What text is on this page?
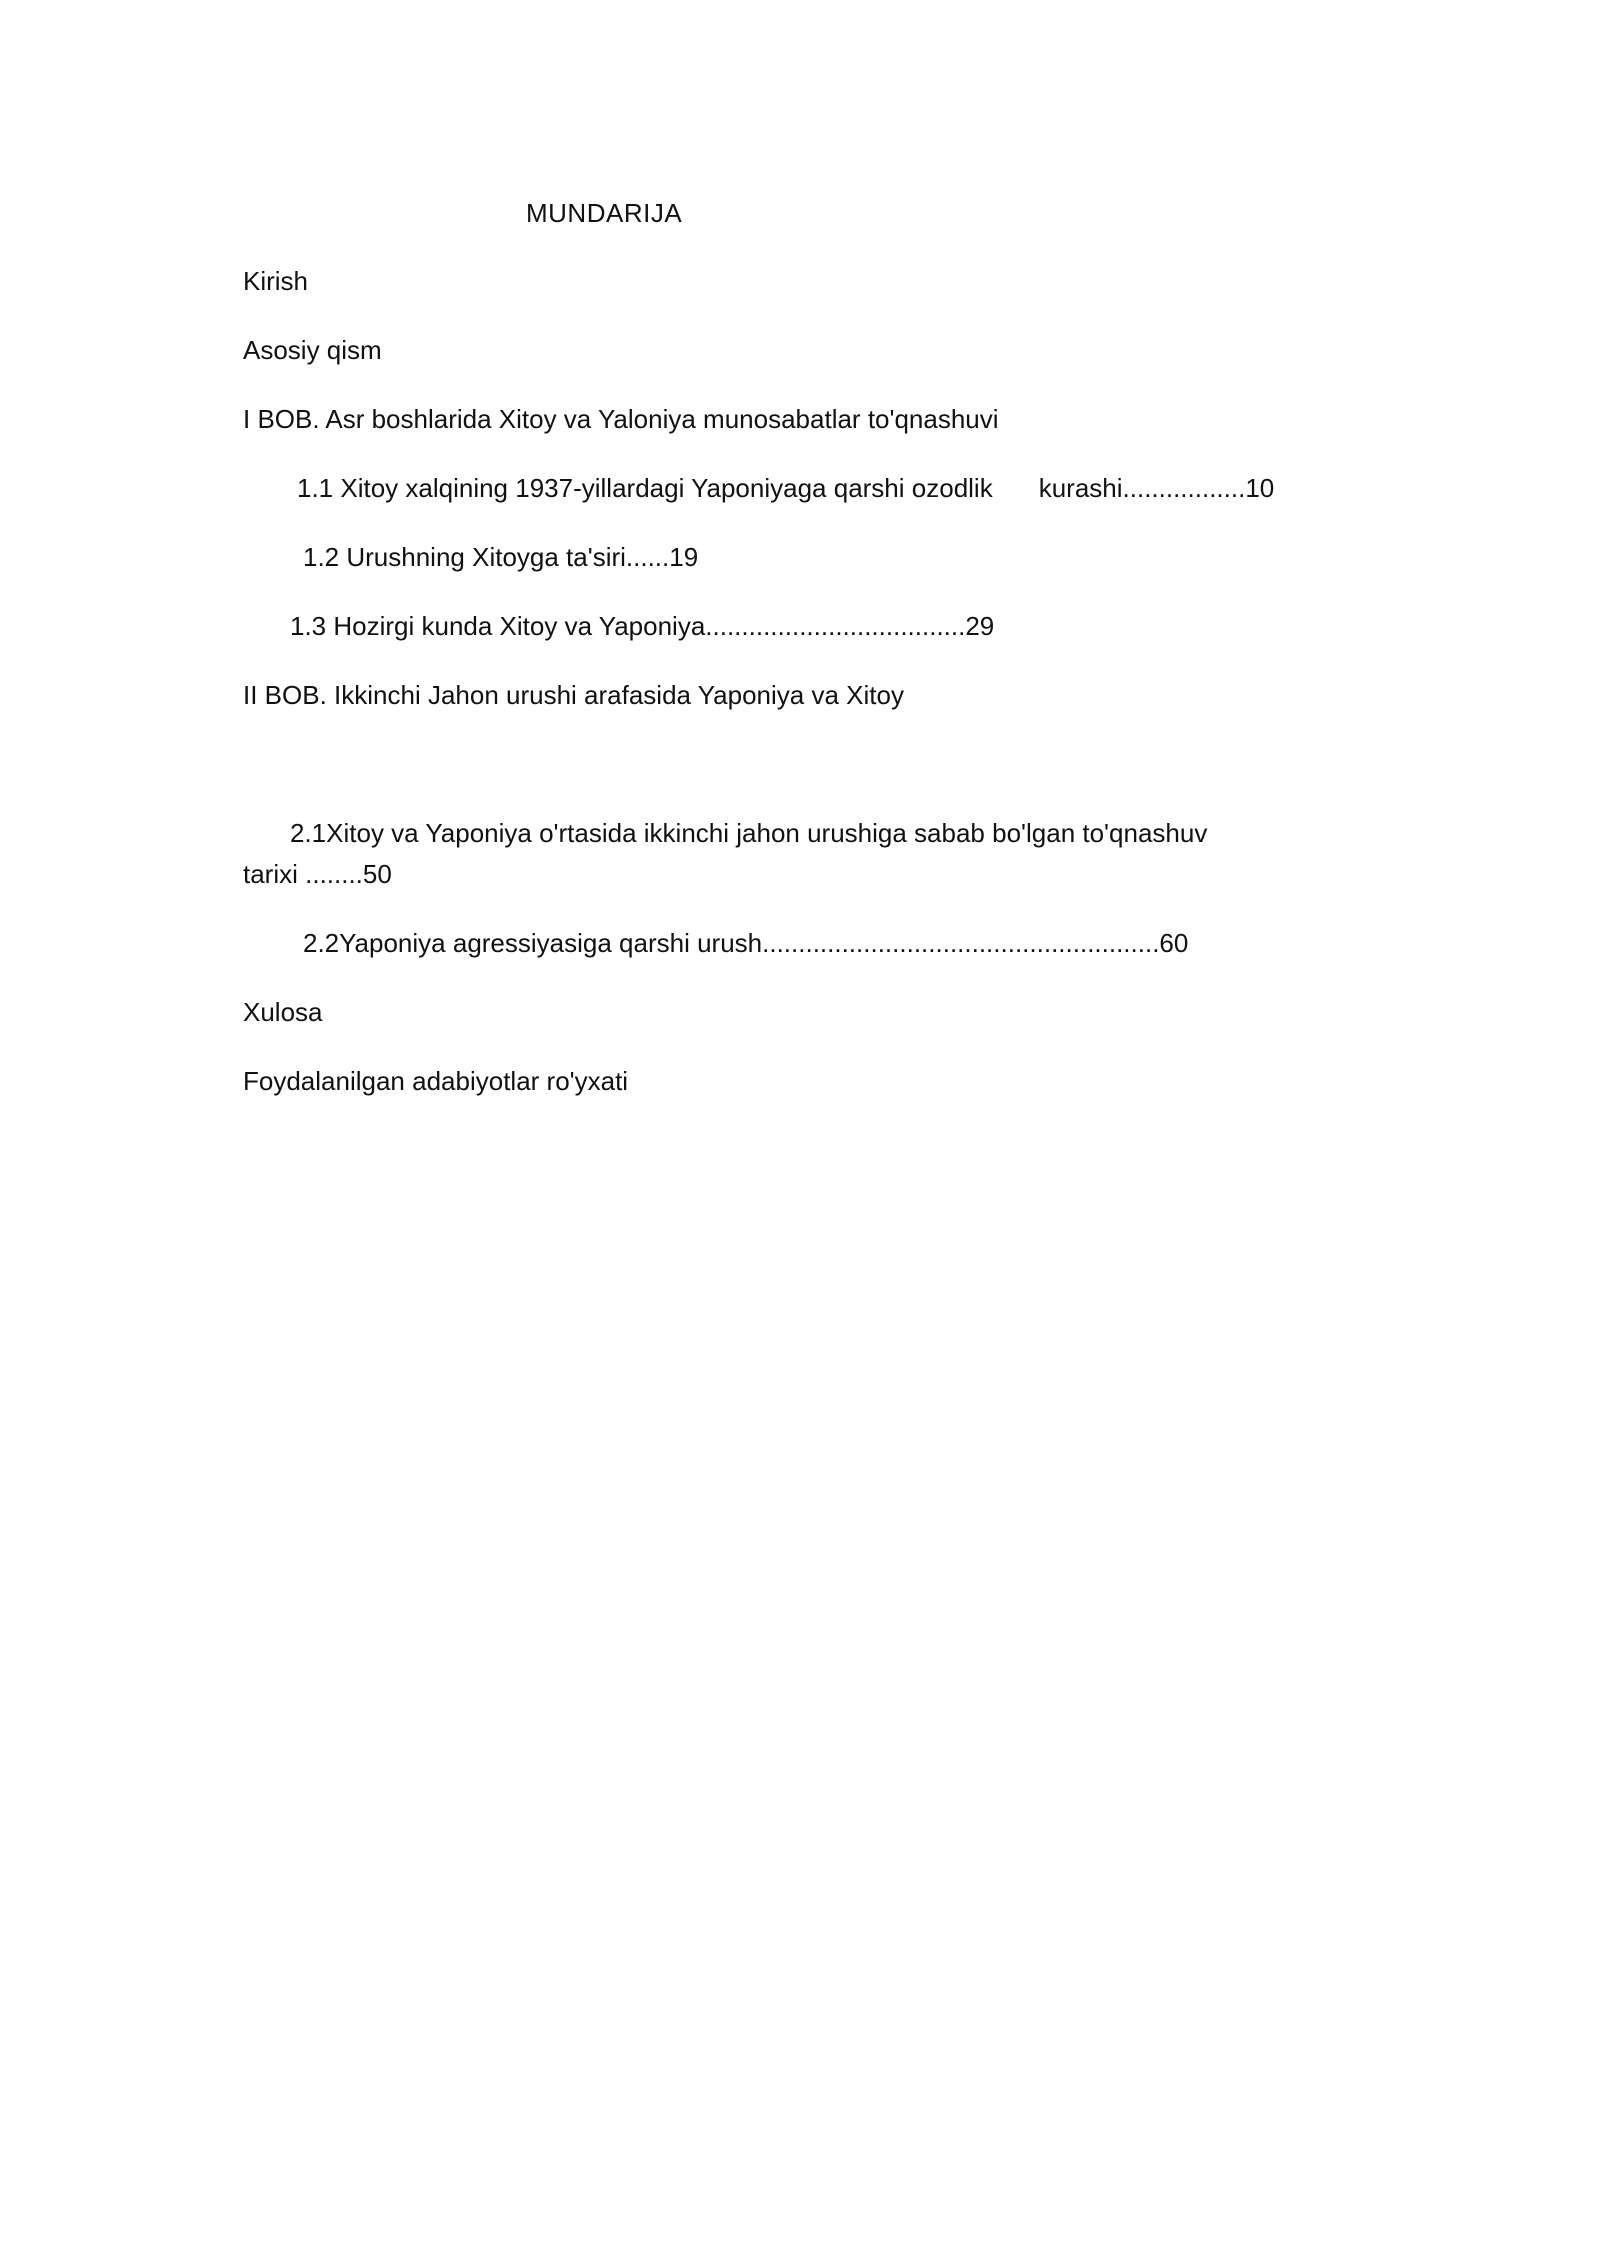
MUNDARIJA
Kirish
Asosiy qism
I BOB. Asr boshlarida Xitoy va Yaloniya munosabatlar to'qnashuvi
1.1 Xitoy xalqining 1937-yillardagi Yaponiyaga qarshi ozodlik kurashi.................10
1.2 Urushning Xitoyga ta'siri......19
1.3 Hozirgi kunda Xitoy va Yaponiya....................................29
II BOB. Ikkinchi Jahon urushi arafasida Yaponiya va Xitoy
2.1Xitoy va Yaponiya o'rtasida ikkinchi jahon urushiga sabab bo'lgan to'qnashuv
tarixi ........50
2.2Yaponiya agressiyasiga qarshi urush.......................................................60
Xulosa
Foydalanilgan adabiyotlar ro'yxati
